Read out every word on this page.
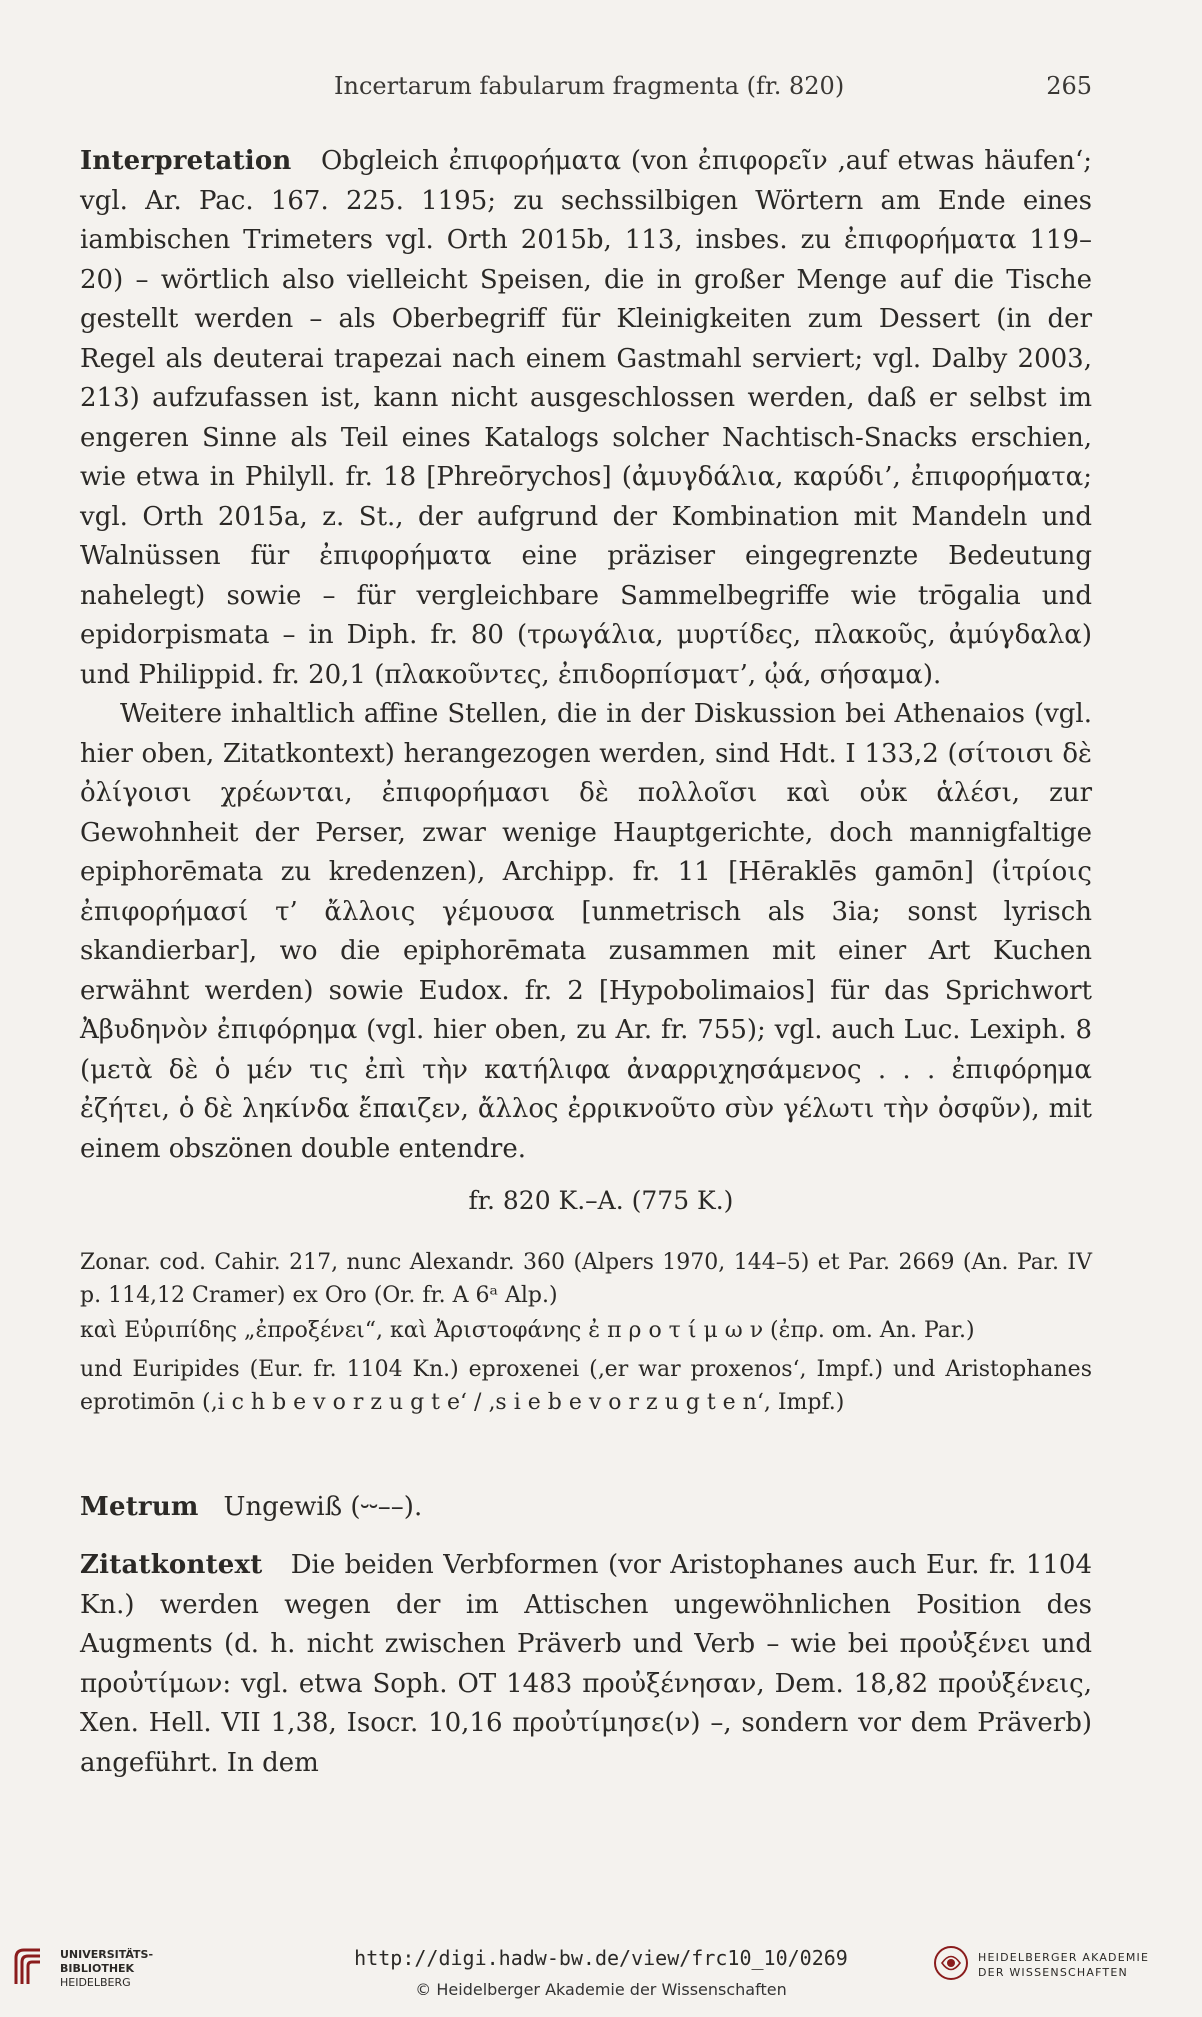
Incertarum fabularum fragmenta (fr. 820)	265

Interpretation Obgleich ἐπιφορήματα (von ἐπιφορεῖν ‚auf etwas häufen‘; vgl. Ar. Pac. 167. 225. 1195; zu sechssilbigen Wörtern am Ende eines iambischen Trimeters vgl. Orth 2015b, 113, insbes. zu ἐπιφορήματα 119–20) – wörtlich also vielleicht Speisen, die in großer Menge auf die Tische gestellt werden – als Oberbegriff für Kleinigkeiten zum Dessert (in der Regel als deuterai trapezai nach einem Gastmahl serviert; vgl. Dalby 2003, 213) aufzufassen ist, kann nicht ausgeschlossen werden, daß er selbst im engeren Sinne als Teil eines Katalogs solcher Nachtisch-Snacks erschien, wie etwa in Philyll. fr. 18 [Phreōrychos] (ἀμυγδάλια, καρύδι’, ἐπιφορήματα; vgl. Orth 2015a, z. St., der aufgrund der Kombination mit Mandeln und Walnüssen für ἐπιφορήματα eine präziser eingegrenzte Bedeutung nahelegt) sowie – für vergleichbare Sammelbegriffe wie trōgalia und epidorpismata – in Diph. fr. 80 (τρωγάλια, μυρτίδες, πλακοῦς, ἀμύγδαλα) und Philippid. fr. 20,1 (πλακοῦντες, ἐπιδορπίσματ’, ᾠά, σήσαμα).

Weitere inhaltlich affine Stellen, die in der Diskussion bei Athenaios (vgl. hier oben, Zitatkontext) herangezogen werden, sind Hdt. I 133,2 (σίτοισι δὲ ὀλίγοισι χρέωνται, ἐπιφορήμασι δὲ πολλοῖσι καὶ οὐκ ἁλέσι, zur Gewohnheit der Perser, zwar wenige Hauptgerichte, doch mannigfaltige epiphorēmata zu kredenzen), Archipp. fr. 11 [Hēraklēs gamōn] (ἰτρίοις ἐπιφορήμασί τ’ ἄλλοις γέμουσα [unmetrisch als 3ia; sonst lyrisch skandierbar], wo die epiphorēmata zusammen mit einer Art Kuchen erwähnt werden) sowie Eudox. fr. 2 [Hypobolimaios] für das Sprichwort Ἀβυδηνὸν ἐπιφόρημα (vgl. hier oben, zu Ar. fr. 755); vgl. auch Luc. Lexiph. 8 (μετὰ δὲ ὁ μέν τις ἐπὶ τὴν κατήλιφα ἀναρριχησάμενος . . . ἐπιφόρημα ἐζήτει, ὁ δὲ ληκίνδα ἔπαιζεν, ἄλλος ἐρρικνοῦτο σὺν γέλωτι τὴν ὀσφῦν), mit einem obszönen double entendre.

fr. 820 K.–A. (775 K.)

Zonar. cod. Cahir. 217, nunc Alexandr. 360 (Alpers 1970, 144–5) et Par. 2669 (An. Par. IV p. 114,12 Cramer) ex Oro (Or. fr. A 6ᵃ Alp.)

καὶ Εὐριπίδης „ἐπροξένει“, καὶ Ἀριστοφάνης ἐ π ρ ο τ ί μ ω ν (ἐπρ. om. An. Par.)

und Euripides (Eur. fr. 1104 Kn.) eproxenei (‚er war proxenos‘, Impf.) und Aristophanes eprotimōn (‚i c h b e v o r z u g t e‘ / ‚s i e b e v o r z u g t e n‘, Impf.)

Metrum Ungewiß (⏑⏑––).

Zitatkontext Die beiden Verbformen (vor Aristophanes auch Eur. fr. 1104 Kn.) werden wegen der im Attischen ungewöhnlichen Position des Augments (d. h. nicht zwischen Präverb und Verb – wie bei προὐξένει und προὐτίμων: vgl. etwa Soph. OT 1483 προὐξένησαν, Dem. 18,82 προὐξένεις, Xen. Hell. VII 1,38, Isocr. 10,16 προὐτίμησε(ν) –, sondern vor dem Präverb) angeführt. In dem

UNIVERSITÄTS-
BIBLIOTHEK
HEIDELBERG
http://digi.hadw-bw.de/view/frc10_10/0269
© Heidelberger Akademie der Wissenschaften
HEIDELBERGER AKADEMIE
DER WISSENSCHAFTEN
